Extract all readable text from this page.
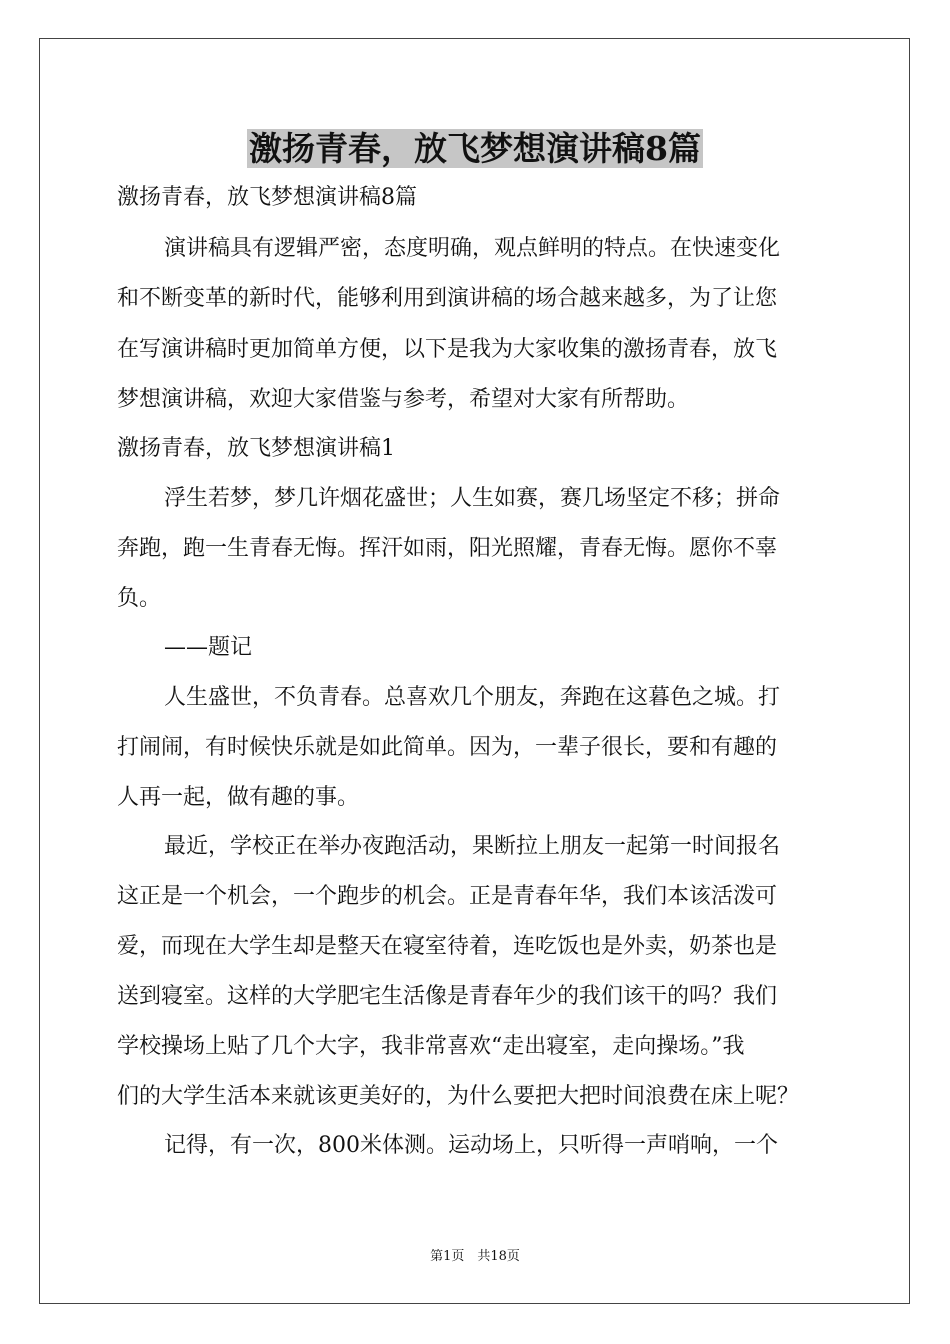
激扬青春，放飞梦想演讲稿8篇

激扬青春，放飞梦想演讲稿8篇

演讲稿具有逻辑严密，态度明确，观点鲜明的特点。在快速变化

和不断变革的新时代，能够利用到演讲稿的场合越来越多，为了让您

在写演讲稿时更加简单方便，以下是我为大家收集的激扬青春，放飞

梦想演讲稿，欢迎大家借鉴与参考，希望对大家有所帮助。

激扬青春，放飞梦想演讲稿1

浮生若梦，梦几许烟花盛世；人生如赛，赛几场坚定不移；拼命

奔跑，跑一生青春无悔。挥汗如雨，阳光照耀，青春无悔。愿你不辜

负。

——题记

人生盛世，不负青春。总喜欢几个朋友，奔跑在这暮色之城。打

打闹闹，有时候快乐就是如此简单。因为，一辈子很长，要和有趣的

人再一起，做有趣的事。

最近，学校正在举办夜跑活动，果断拉上朋友一起第一时间报名

这正是一个机会，一个跑步的机会。正是青春年华，我们本该活泼可

爱，而现在大学生却是整天在寝室待着，连吃饭也是外卖，奶茶也是

送到寝室。这样的大学肥宅生活像是青春年少的我们该干的吗？我们

学校操场上贴了几个大字，我非常喜欢“走出寝室，走向操场。”我

们的大学生活本来就该更美好的，为什么要把大把时间浪费在床上呢？

记得，有一次，800米体测。运动场上，只听得一声哨响，一个

第1页　共18页
